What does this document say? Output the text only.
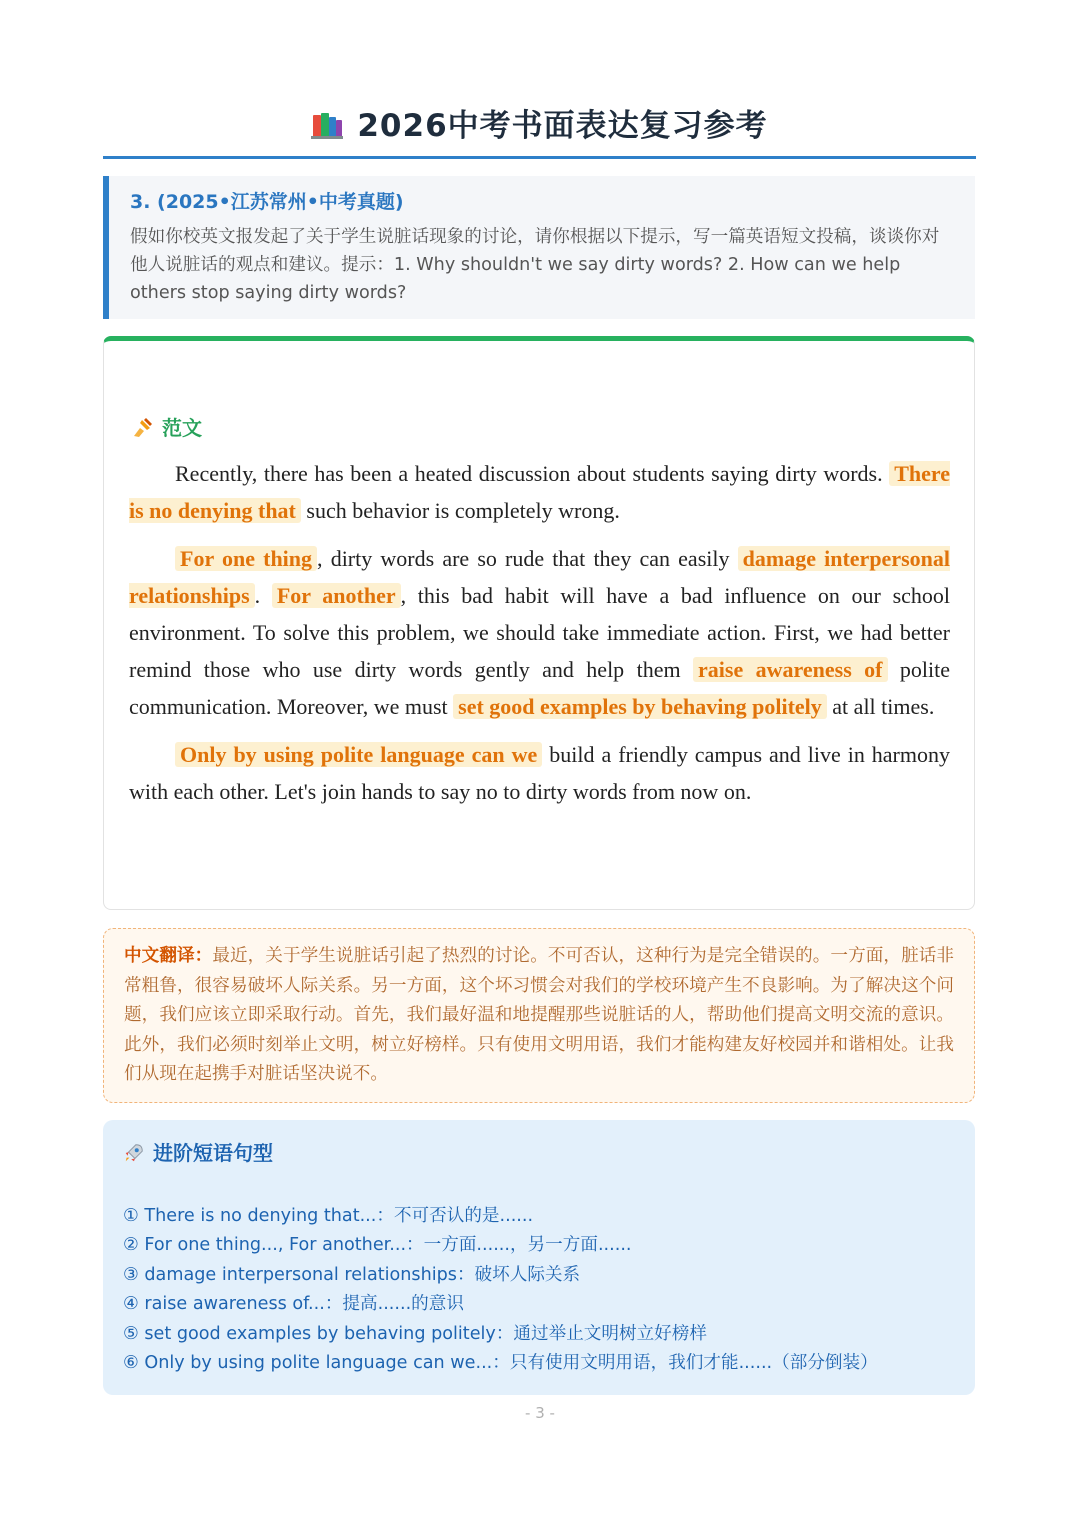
2026中考书面表达复习参考
3. (2025•江苏常州•中考真题)
假如你校英文报发起了关于学生说脏话现象的讨论，请你根据以下提示，写一篇英语短文投稿，谈谈你对他人说脏话的观点和建议。提示：1. Why shouldn't we say dirty words? 2. How can we help others stop saying dirty words?
范文

Recently, there has been a heated discussion about students saying dirty words. There is no denying that such behavior is completely wrong.

For one thing , dirty words are so rude that they can easily damage interpersonal relationships . For another , this bad habit will have a bad influence on our school environment. To solve this problem, we should take immediate action. First, we had better remind those who use dirty words gently and help them raise awareness of polite communication. Moreover, we must set good examples by behaving politely at all times.

Only by using polite language can we build a friendly campus and live in harmony with each other. Let's join hands to say no to dirty words from now on.

中文翻译：最近，关于学生说脏话引起了热烈的讨论。不可否认，这种行为是完全错误的。一方面，脏话非常粗鲁，很容易破坏人际关系。另一方面，这个坏习惯会对我们的学校环境产生不良影响。为了解决这个问题，我们应该立即采取行动。首先，我们最好温和地提醒那些说脏话的人，帮助他们提高文明交流的意识。此外，我们必须时刻举止文明，树立好榜样。只有使用文明用语，我们才能构建友好校园并和谐相处。让我们从现在起携手对脏话坚决说不。
进阶短语句型
① There is no denying that...：不可否认的是......
② For one thing..., For another...：一方面......，另一方面......
③ damage interpersonal relationships：破坏人际关系
④ raise awareness of...：提高......的意识
⑤ set good examples by behaving politely：通过举止文明树立好榜样
⑥ Only by using polite language can we...：只有使用文明用语，我们才能......（部分倒装）
- 3 -
